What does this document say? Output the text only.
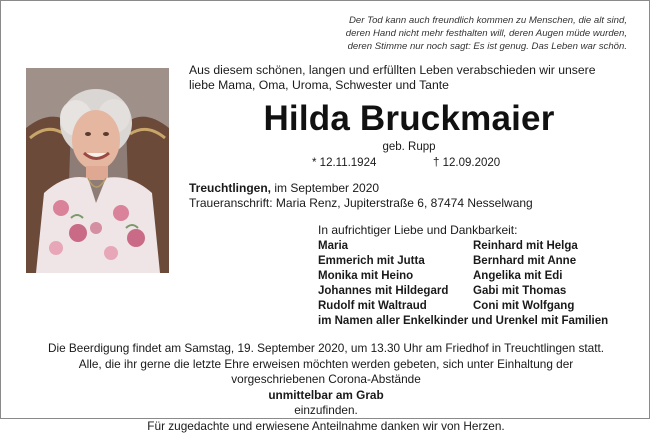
Der Tod kann auch freundlich kommen zu Menschen, die alt sind,
deren Hand nicht mehr festhalten will, deren Augen müde wurden,
deren Stimme nur noch sagt: Es ist genug. Das Leben war schön.
Aus diesem schönen, langen und erfüllten Leben verabschieden wir unsere
liebe Mama, Oma, Uroma, Schwester und Tante
Hilda Bruckmaier
geb. Rupp
* 12.11.1924	† 12.09.2020
Treuchtlingen, im September 2020
Traueranschrift: Maria Renz, Jupiterstraße 6, 87474 Nesselwang
In aufrichtiger Liebe und Dankbarkeit:
Maria	Reinhard mit Helga
Emmerich mit Jutta	Bernhard mit Anne
Monika mit Heino	Angelika mit Edi
Johannes mit Hildegard	Gabi mit Thomas
Rudolf mit Waltraud	Coni mit Wolfgang
im Namen aller Enkelkinder und Urenkel mit Familien
Die Beerdigung findet am Samstag, 19. September 2020, um 13.30 Uhr am Friedhof in Treuchtlingen statt.
Alle, die ihr gerne die letzte Ehre erweisen möchten werden gebeten, sich unter Einhaltung der
vorgeschriebenen Corona-Abstände
unmittelbar am Grab
einzufinden.
Für zugedachte und erwiesene Anteilnahme danken wir von Herzen.
